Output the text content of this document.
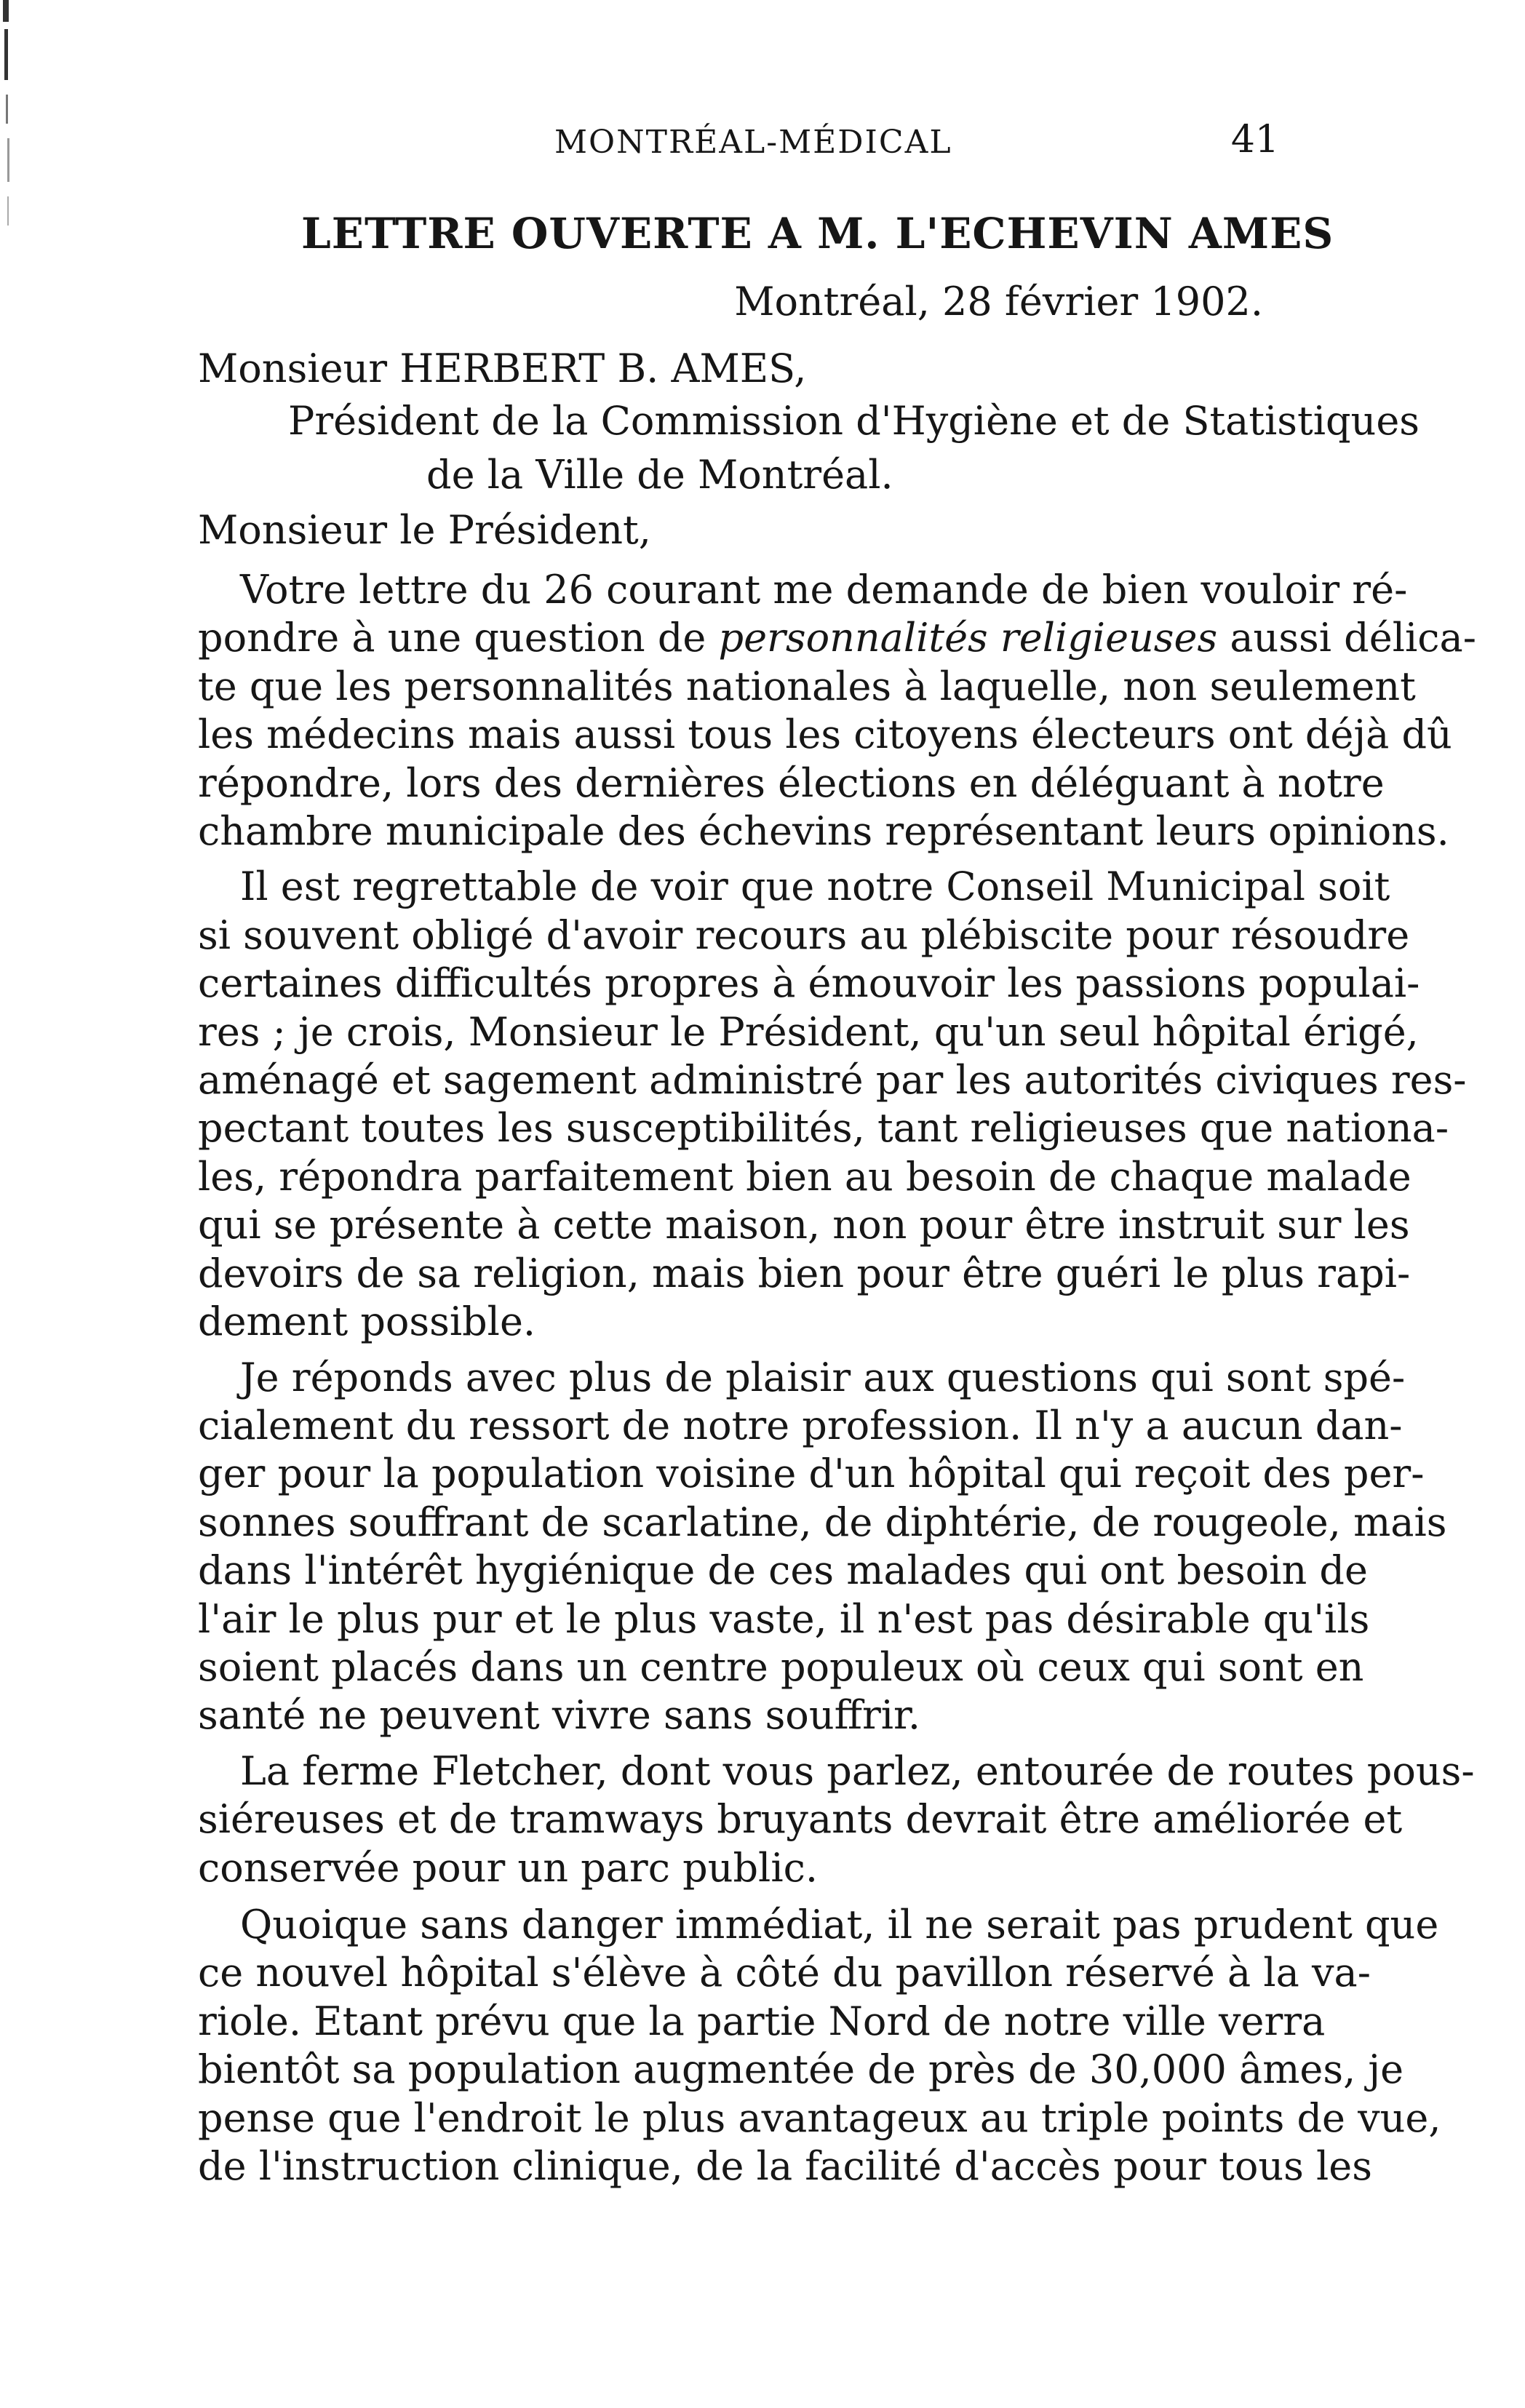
MONTRÉAL-MÉDICAL	41
LETTRE OUVERTE A M. L'ECHEVIN AMES
Montréal, 28 février 1902.
Monsieur HERBERT B. AMES,
Président de la Commission d'Hygiène et de Statistiques
de la Ville de Montréal.
Monsieur le Président,

Votre lettre du 26 courant me demande de bien vouloir ré-
pondre à une question de personnalités religieuses aussi délica-
te que les personnalités nationales à laquelle, non seulement
les médecins mais aussi tous les citoyens électeurs ont déjà dû
répondre, lors des dernières élections en déléguant à notre
chambre municipale des échevins représentant leurs opinions.

Il est regrettable de voir que notre Conseil Municipal soit
si souvent obligé d'avoir recours au plébiscite pour résoudre
certaines difficultés propres à émouvoir les passions populai-
res ; je crois, Monsieur le Président, qu'un seul hôpital érigé,
aménagé et sagement administré par les autorités civiques res-
pectant toutes les susceptibilités, tant religieuses que nationa-
les, répondra parfaitement bien au besoin de chaque malade
qui se présente à cette maison, non pour être instruit sur les
devoirs de sa religion, mais bien pour être guéri le plus rapi-
dement possible.

Je réponds avec plus de plaisir aux questions qui sont spé-
cialement du ressort de notre profession. Il n'y a aucun dan-
ger pour la population voisine d'un hôpital qui reçoit des per-
sonnes souffrant de scarlatine, de diphtérie, de rougeole, mais
dans l'intérêt hygiénique de ces malades qui ont besoin de
l'air le plus pur et le plus vaste, il n'est pas désirable qu'ils
soient placés dans un centre populeux où ceux qui sont en
santé ne peuvent vivre sans souffrir.

La ferme Fletcher, dont vous parlez, entourée de routes pous-
siéreuses et de tramways bruyants devrait être améliorée et
conservée pour un parc public.

Quoique sans danger immédiat, il ne serait pas prudent que
ce nouvel hôpital s'élève à côté du pavillon réservé à la va-
riole. Etant prévu que la partie Nord de notre ville verra
bientôt sa population augmentée de près de 30,000 âmes, je
pense que l'endroit le plus avantageux au triple points de vue,
de l'instruction clinique, de la facilité d'accès pour tous les
